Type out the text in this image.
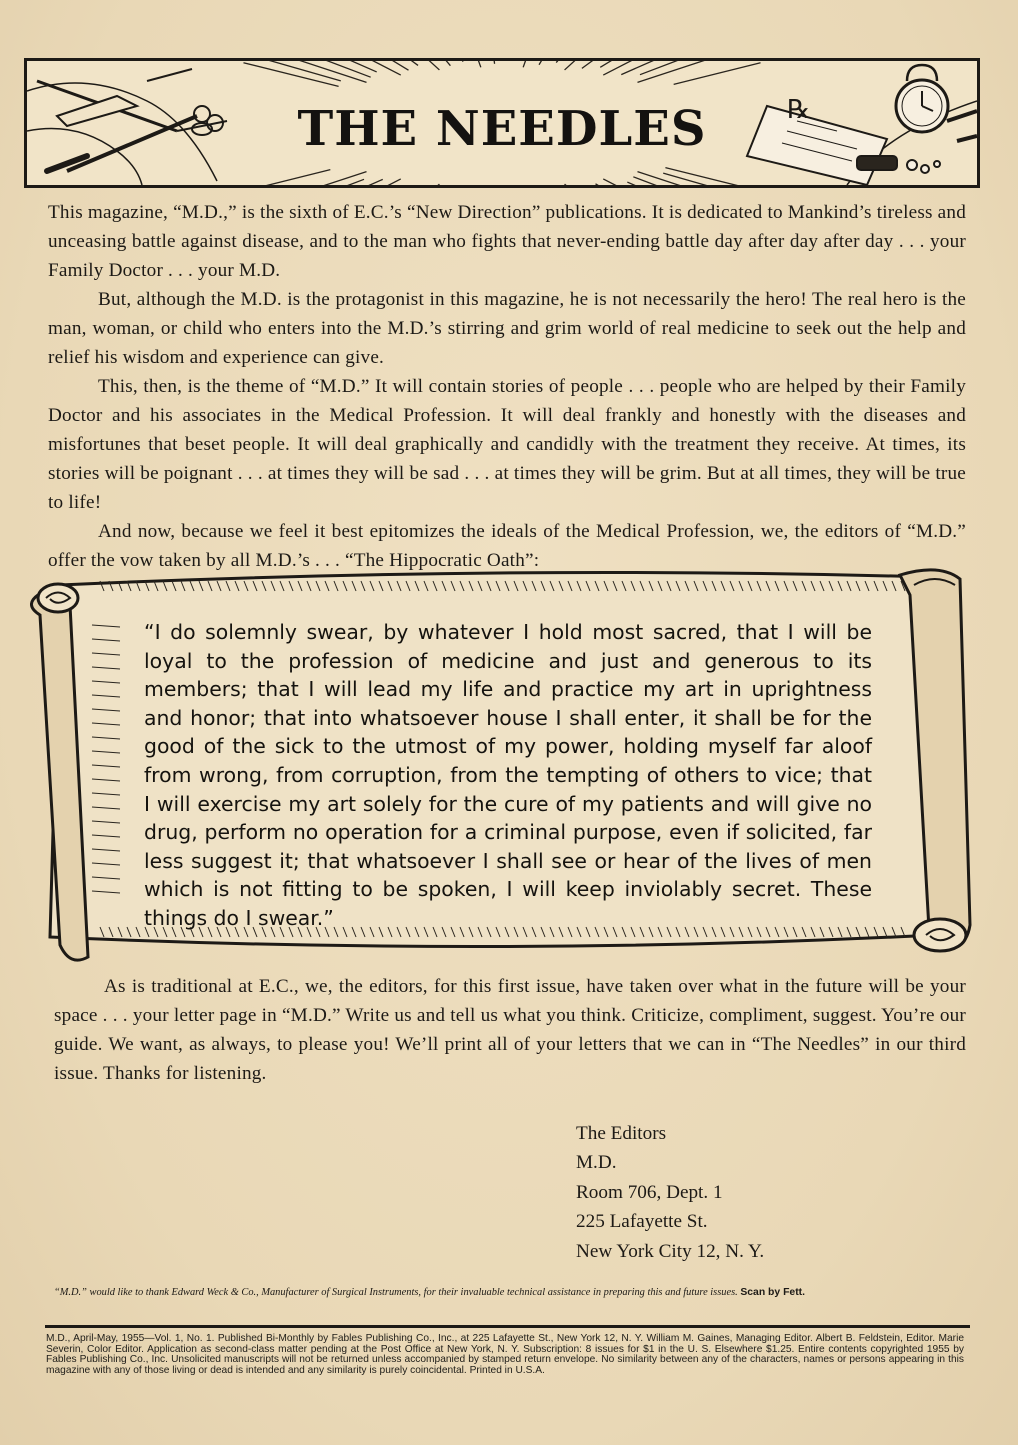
℞
THE NEEDLES

This magazine, “M.D.,” is the sixth of E.C.’s “New Direction” publications. It is dedicated to Mankind’s tireless and unceasing battle against disease, and to the man who fights that never-ending battle day after day after day . . . your Family Doctor . . . your M.D.

But, although the M.D. is the protagonist in this magazine, he is not necessarily the hero! The real hero is the man, woman, or child who enters into the M.D.’s stirring and grim world of real medicine to seek out the help and relief his wisdom and experience can give.

This, then, is the theme of “M.D.” It will contain stories of people . . . people who are helped by their Family Doctor and his associates in the Medical Profession. It will deal frankly and honestly with the diseases and misfortunes that beset people. It will deal graphically and candidly with the treatment they receive. At times, its stories will be poignant . . . at times they will be sad . . . at times they will be grim. But at all times, they will be true to life!

And now, because we feel it best epitomizes the ideals of the Medical Profession, we, the editors of “M.D.” offer the vow taken by all M.D.’s . . . “The Hippocratic Oath”:

“I do solemnly swear, by whatever I hold most sacred, that I will be loyal to the profession of medicine and just and generous to its members; that I will lead my life and practice my art in uprightness and honor; that into whatsoever house I shall enter, it shall be for the good of the sick to the utmost of my power, holding myself far aloof from wrong, from corruption, from the tempting of others to vice; that I will exercise my art solely for the cure of my patients and will give no drug, perform no operation for a criminal purpose, even if solicited, far less suggest it; that whatsoever I shall see or hear of the lives of men which is not fitting to be spoken, I will keep inviolably secret. These things do I swear.”

As is traditional at E.C., we, the editors, for this first issue, have taken over what in the future will be your space . . . your letter page in “M.D.” Write us and tell us what you think. Criticize, compliment, suggest. You’re our guide. We want, as always, to please you! We’ll print all of your letters that we can in “The Needles” in our third issue. Thanks for listening.

The Editors
M.D.
Room 706, Dept. 1
225 Lafayette St.
New York City 12, N. Y.
“M.D.” would like to thank Edward Weck & Co., Manufacturer of Surgical Instruments, for their invaluable technical assistance in preparing this and future issues. Scan by Fett.

M.D., April-May, 1955—Vol. 1, No. 1. Published Bi-Monthly by Fables Publishing Co., Inc., at 225 Lafayette St., New York 12, N. Y. William M. Gaines, Managing Editor. Albert B. Feldstein, Editor. Marie Severin, Color Editor. Application as second-class matter pending at the Post Office at New York, N. Y. Subscription: 8 issues for $1 in the U. S. Elsewhere $1.25. Entire contents copyrighted 1955 by Fables Publishing Co., Inc. Unsolicited manuscripts will not be returned unless accompanied by stamped return envelope. No similarity between any of the characters, names or persons appearing in this magazine with any of those living or dead is intended and any similarity is purely coincidental. Printed in U.S.A.
